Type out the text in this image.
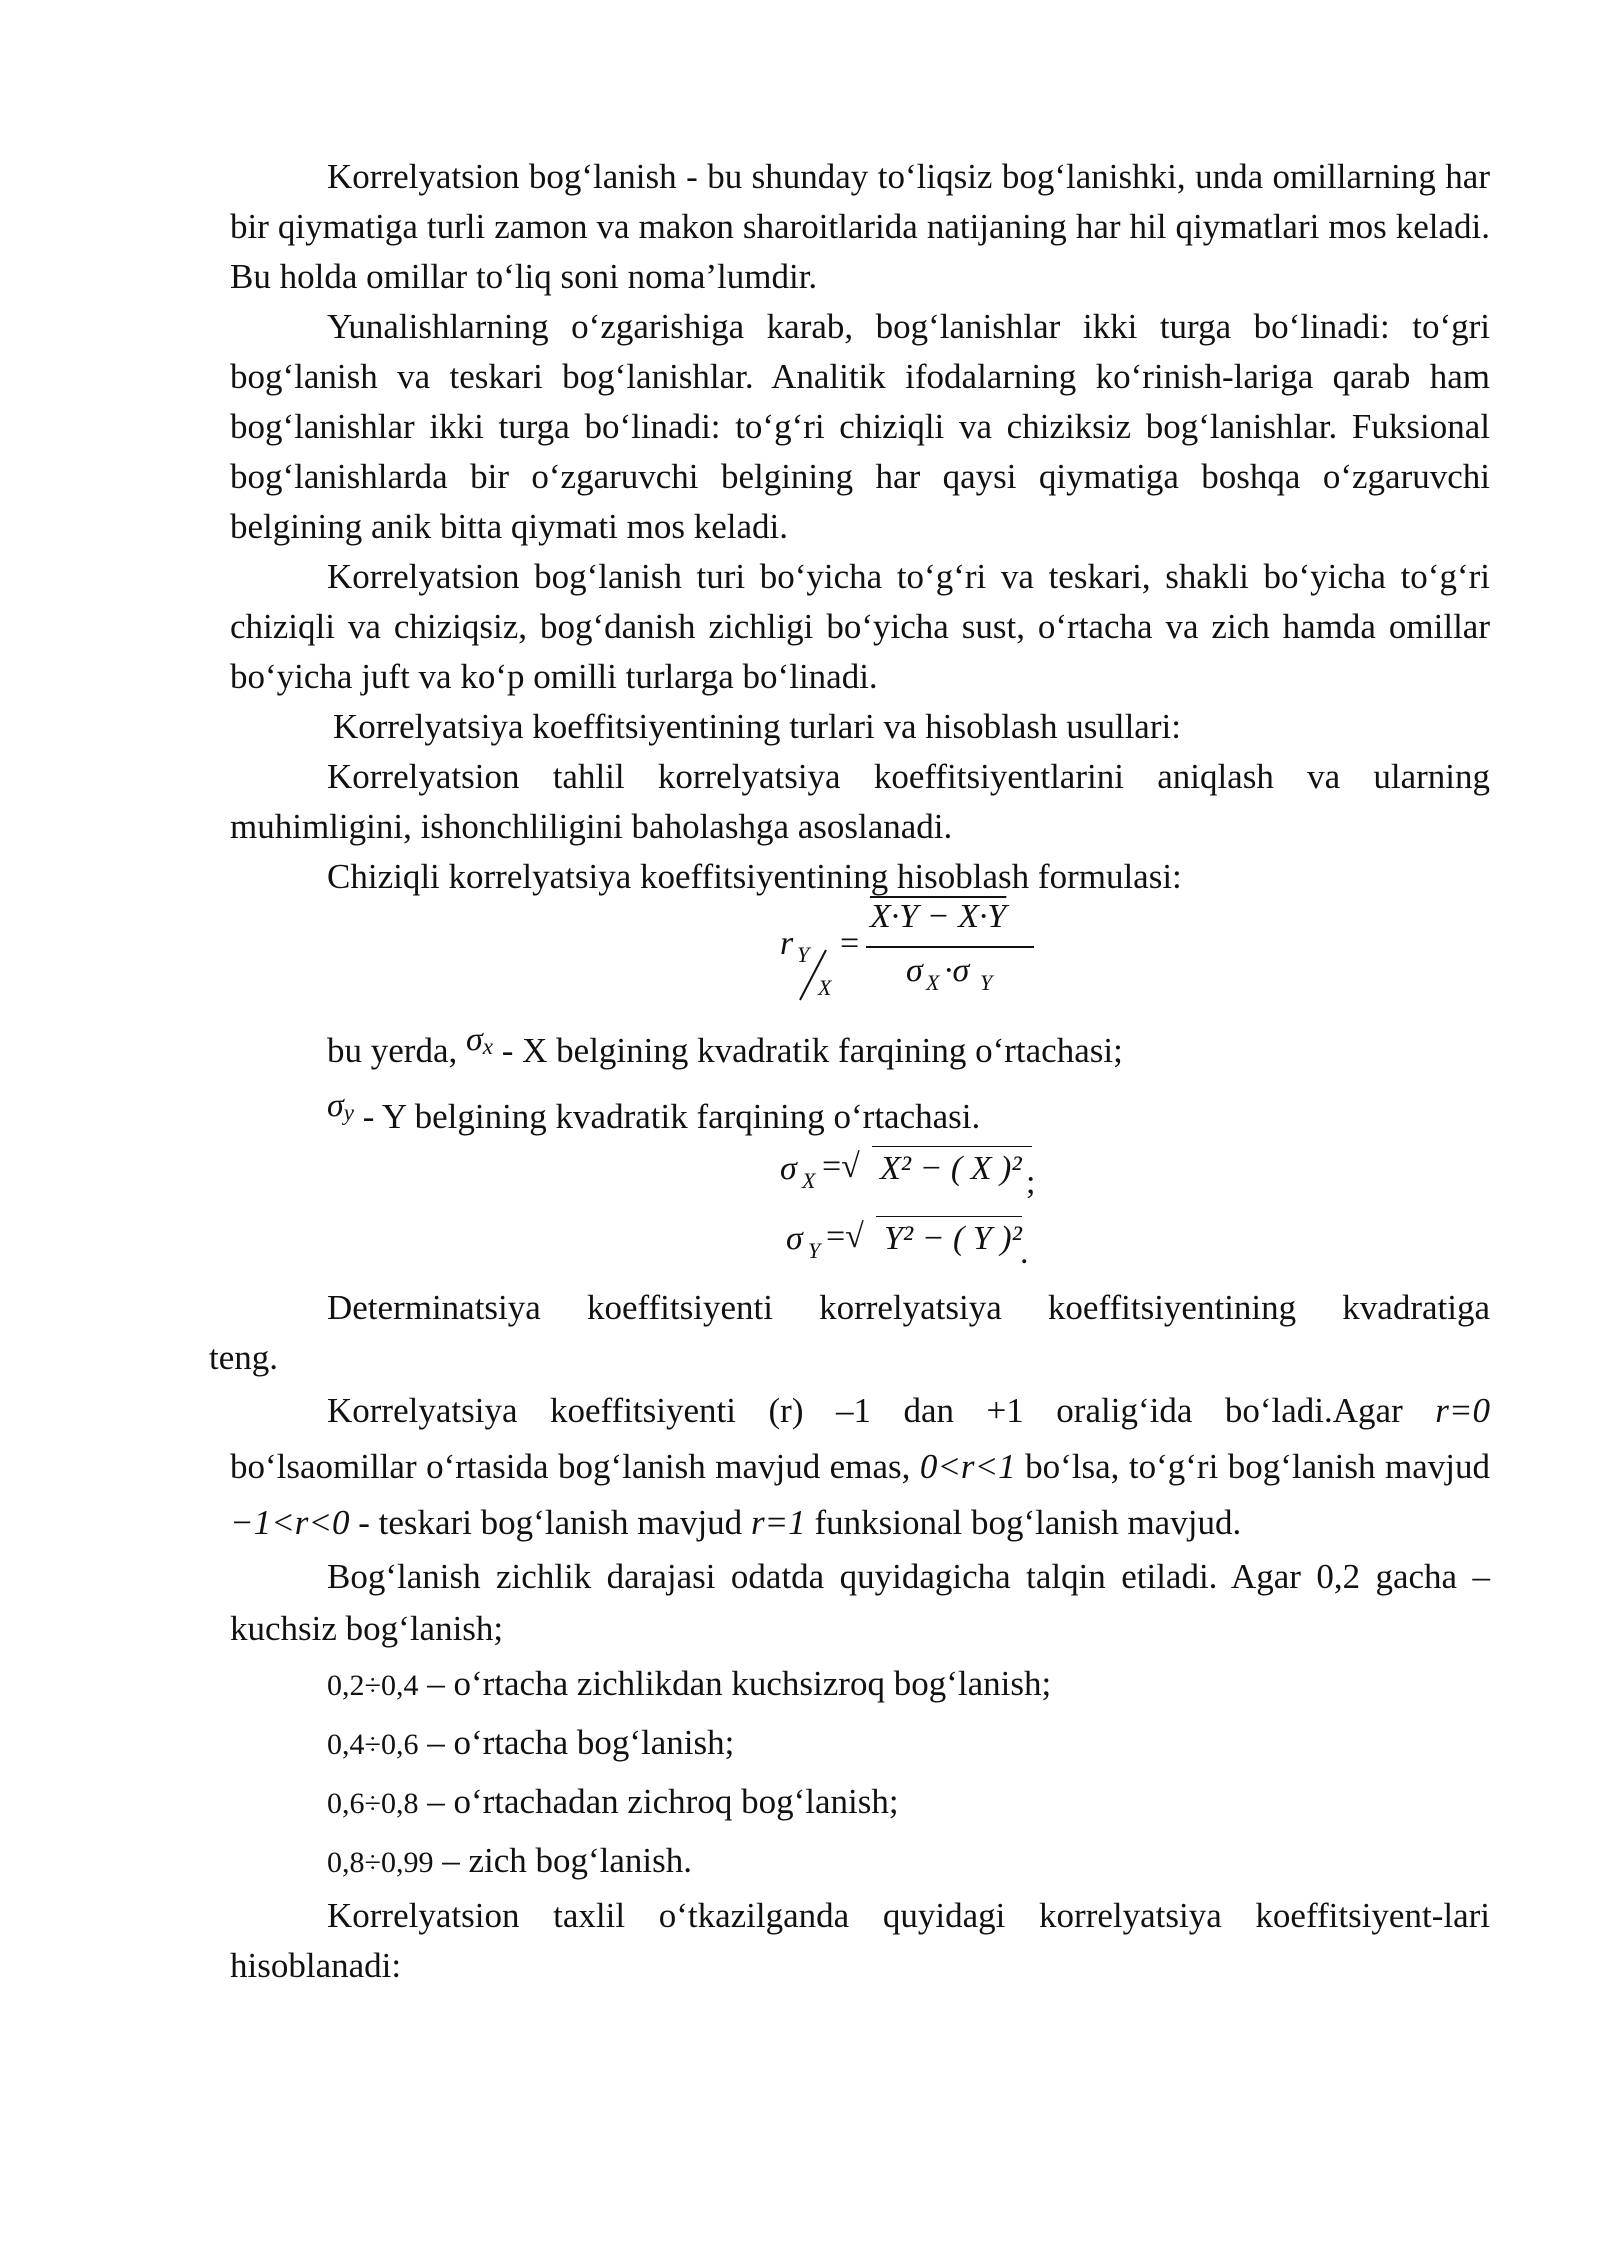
Korrelyatsion bog‘lanish - bu shunday to‘liqsiz bog‘lanishki, unda omillarning har bir qiymatiga turli zamon va makon sharoitlarida natijaning har hil qiymatlari mos keladi. Bu holda omillar to‘liq soni noma’lumdir.

Yunalishlarning o‘zgarishiga karab, bog‘lanishlar ikki turga bo‘linadi: to‘gri bog‘lanish va teskari bog‘lanishlar. Analitik ifodalarning ko‘rinish-lariga qarab ham bog‘lanishlar ikki turga bo‘linadi: to‘g‘ri chiziqli va chiziksiz bog‘lanishlar. Fuksional bog‘lanishlarda bir o‘zgaruvchi belgining har qaysi qiymatiga boshqa o‘zgaruvchi belgining anik bitta qiymati mos keladi.

Korrelyatsion bog‘lanish turi bo‘yicha to‘g‘ri va teskari, shakli bo‘yicha to‘g‘ri chiziqli va chiziqsiz, bog‘danish zichligi bo‘yicha sust, o‘rtacha va zich hamda omillar bo‘yicha juft va ko‘p omilli turlarga bo‘linadi.

Korrelyatsiya koeffitsiyentining turlari va hisoblash usullari:

Korrelyatsion tahlil korrelyatsiya koeffitsiyentlarini aniqlash va ularning muhimligini, ishonchliligini baholashga asoslanadi.

Chiziqli korrelyatsiya koeffitsiyentining hisoblash formulasi:

r Y
X
=
X·Y − X·Y
σ X ·σ Y

bu yerda, $\sigma^x$ - X belgining kvadratik farqining o‘rtachasi;

$\sigma^y$ - Y belgining kvadratik farqining o‘rtachasi.

σ X =√ X² − ( X )² ;
σ Y =√ Y² − ( Y )²
.

Determinatsiya koeffitsiyenti korrelyatsiya koeffitsiyentining kvadratiga

teng.

Korrelyatsiya koeffitsiyenti (r) –1 dan +1 oralig‘ida bo‘ladi.Agar r=0 bo‘lsaomillar o‘rtasida bog‘lanish mavjud emas, 0<r<1 bo‘lsa, to‘g‘ri bog‘lanish mavjud −1<r<0 - teskari bog‘lanish mavjud r=1 funksional bog‘lanish mavjud.

Bog‘lanish zichlik darajasi odatda quyidagicha talqin etiladi. Agar 0,2 gacha – kuchsiz bog‘lanish;

0,2÷0,4 – o‘rtacha zichlikdan kuchsizroq bog‘lanish;
0,4÷0,6 – o‘rtacha bog‘lanish;
0,6÷0,8 – o‘rtachadan zichroq bog‘lanish;
0,8÷0,99 – zich bog‘lanish.

Korrelyatsion taxlil o‘tkazilganda quyidagi korrelyatsiya koeffitsiyent-lari hisoblanadi:
